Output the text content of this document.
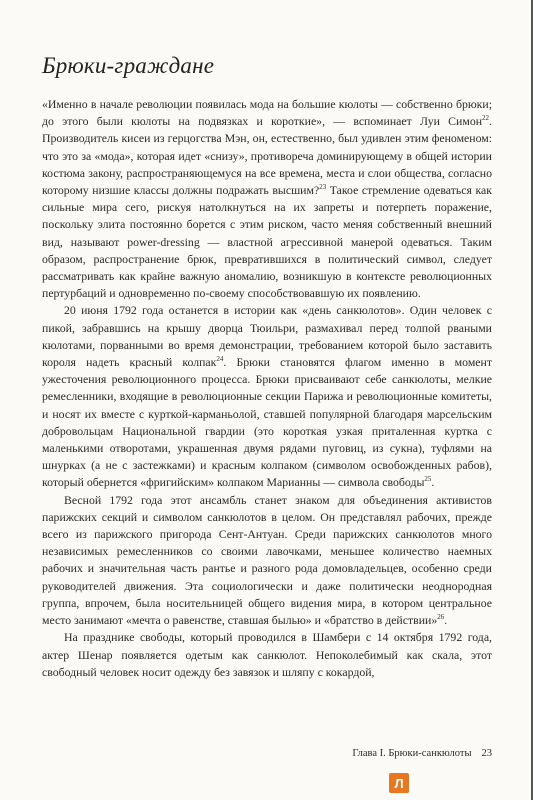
Брюки-граждане

«Именно в начале революции появилась мода на большие кюлоты — собственно брюки; до этого были кюлоты на подвязках и короткие», — вспоминает Луи Симон$^{22}$. Производитель кисеи из герцогства Мэн, он, естественно, был удивлен этим феноменом: что это за «мода», которая идет «снизу», противореча доминирующему в общей истории костюма закону, распространяющемуся на все времена, места и слои общества, согласно которому низшие классы должны подражать высшим?$^{23}$ Такое стремление одеваться как сильные мира сего, рискуя натолкнуться на их запреты и потерпеть поражение, поскольку элита постоянно борется с этим риском, часто меняя собственный внешний вид, называют power-dressing — властной агрессивной манерой одеваться. Таким образом, распространение брюк, превратившихся в политический символ, следует рассматривать как крайне важную аномалию, возникшую в контексте революционных пертурбаций и одновременно по-своему способствовавшую их появлению.

20 июня 1792 года останется в истории как «день санкюлотов». Один человек с пикой, забравшись на крышу дворца Тюильри, размахивал перед толпой рваными кюлотами, порванными во время демонстрации, требованием которой было заставить короля надеть красный колпак$^{24}$. Брюки становятся флагом именно в момент ужесточения революционного процесса. Брюки присваивают себе санкюлоты, мелкие ремесленники, входящие в революционные секции Парижа и революционные комитеты, и носят их вместе с курткой-карманьолой, ставшей популярной благодаря марсельским добровольцам Национальной гвардии (это короткая узкая приталенная куртка с маленькими отворотами, украшенная двумя рядами пуговиц, из сукна), туфлями на шнурках (а не с застежками) и красным колпаком (символом освобожденных рабов), который обернется «фригийским» колпаком Марианны — символа свободы$^{25}$.

Весной 1792 года этот ансамбль станет знаком для объединения активистов парижских секций и символом санкюлотов в целом. Он представлял рабочих, прежде всего из парижского пригорода Сент-Антуан. Среди парижских санкюлотов много независимых ремесленников со своими лавочками, меньшее количество наемных рабочих и значительная часть рантье и разного рода домовладельцев, особенно среди руководителей движения. Эта социологически и даже политически неоднородная группа, впрочем, была носительницей общего видения мира, в котором центральное место занимают «мечта о равенстве, ставшая былью» и «братство в действии»$^{26}$.

На празднике свободы, который проводился в Шамбери с 14 октября 1792 года, актер Шенар появляется одетым как санкюлот. Непоколебимый как скала, этот свободный человек носит одежду без завязок и шляпу с кокардой,

Глава I. Брюки-санкюлоты 23
Л
